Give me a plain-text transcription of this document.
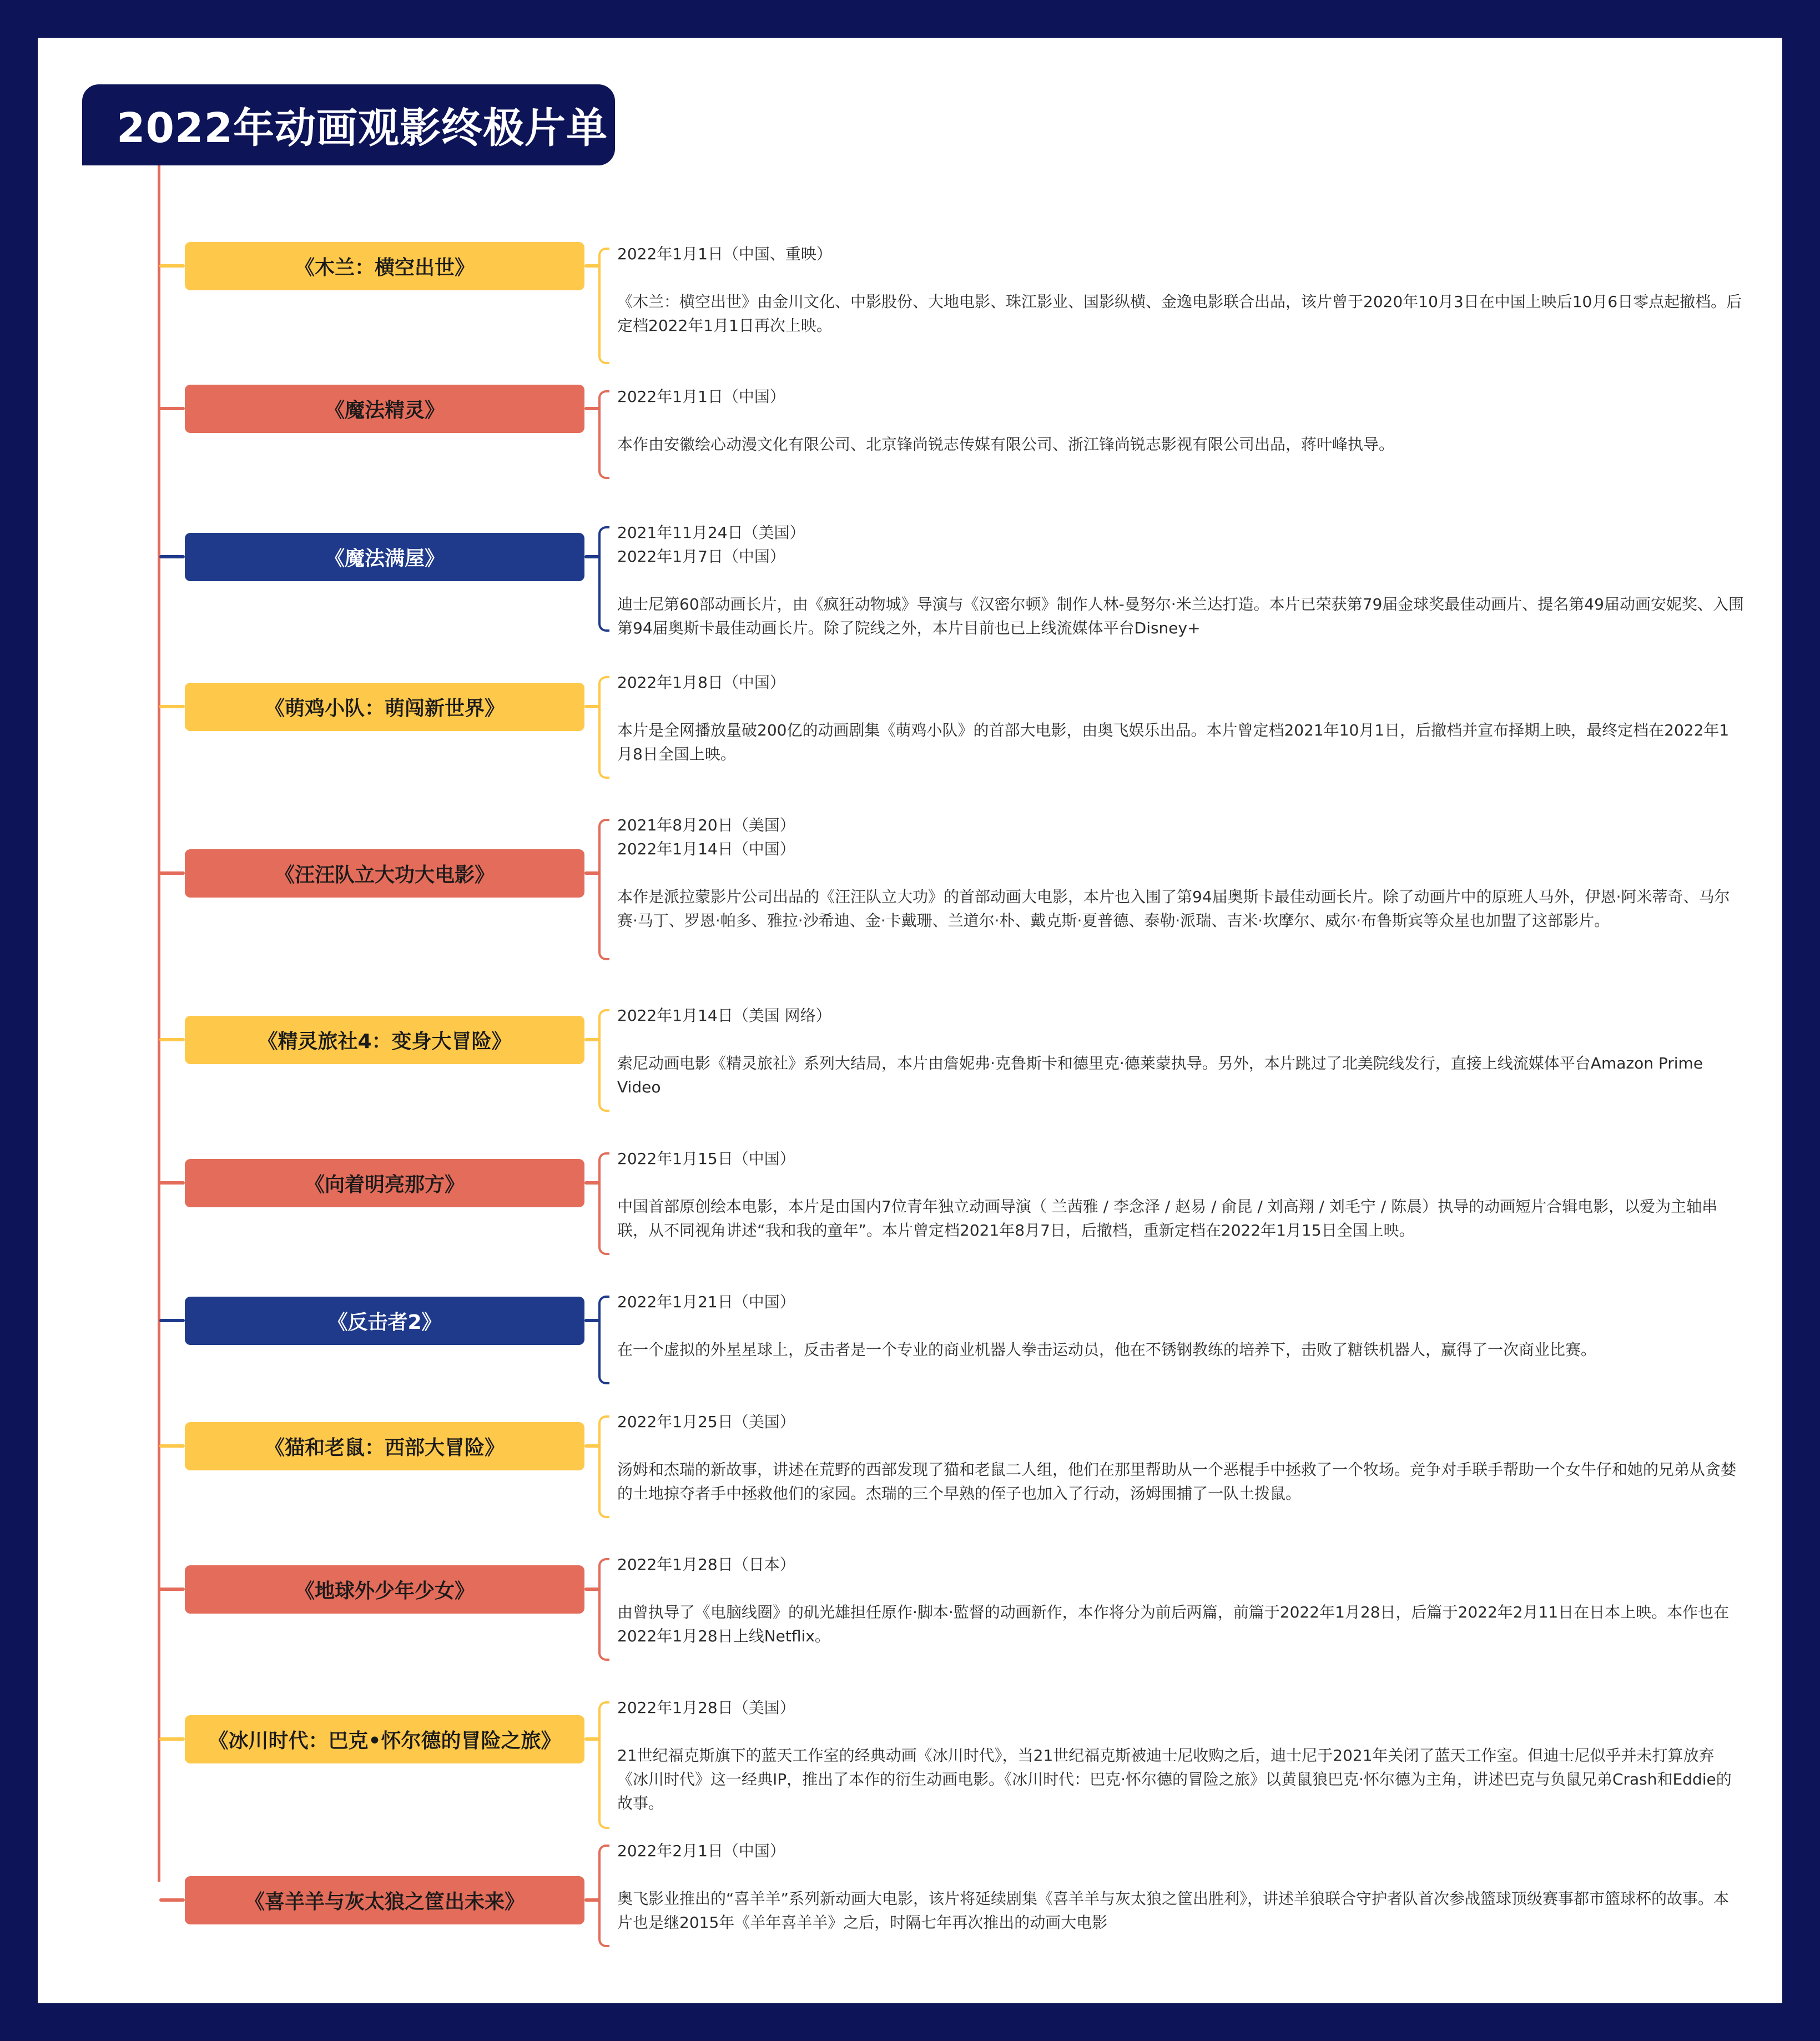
2022年动画观影终极片单
《木兰：横空出世》
2022年1月1日（中国、重映）
《木兰：横空出世》由金川文化、中影股份、大地电影、珠江影业、国影纵横、金逸电影联合出品，该片曾于2020年10月3日在中国上映后10月6日零点起撤档。后定档2022年1月1日再次上映。
《魔法精灵》
2022年1月1日（中国）
本作由安徽绘心动漫文化有限公司、北京锋尚锐志传媒有限公司、浙江锋尚锐志影视有限公司出品，蒋叶峰执导。
《魔法满屋》
2021年11月24日（美国）
2022年1月7日（中国）
迪士尼第60部动画长片，由《疯狂动物城》导演与《汉密尔顿》制作人林-曼努尔·米兰达打造。本片已荣获第79届金球奖最佳动画片、提名第49届动画安妮奖、入围第94届奥斯卡最佳动画长片。除了院线之外，本片目前也已上线流媒体平台Disney+
《萌鸡小队：萌闯新世界》
2022年1月8日（中国）
本片是全网播放量破200亿的动画剧集《萌鸡小队》的首部大电影，由奥飞娱乐出品。本片曾定档2021年10月1日，后撤档并宣布择期上映，最终定档在2022年1月8日全国上映。
《汪汪队立大功大电影》
2021年8月20日（美国）
2022年1月14日（中国）
本作是派拉蒙影片公司出品的《汪汪队立大功》的首部动画大电影，本片也入围了第94届奥斯卡最佳动画长片。除了动画片中的原班人马外，伊恩·阿米蒂奇、马尔赛·马丁、罗恩·帕多、雅拉·沙希迪、金·卡戴珊、兰道尔·朴、戴克斯·夏普德、泰勒·派瑞、吉米·坎摩尔、威尔·布鲁斯宾等众星也加盟了这部影片。
《精灵旅社4：变身大冒险》
2022年1月14日（美国 网络）
索尼动画电影《精灵旅社》系列大结局，本片由詹妮弗·克鲁斯卡和德里克·德莱蒙执导。另外，本片跳过了北美院线发行，直接上线流媒体平台Amazon Prime Video
《向着明亮那方》
2022年1月15日（中国）
中国首部原创绘本电影，本片是由国内7位青年独立动画导演（ 兰茜雅 / 李念泽 / 赵易 / 俞昆 / 刘高翔 / 刘毛宁 / 陈晨）执导的动画短片合辑电影，以爱为主轴串联，从不同视角讲述“我和我的童年”。本片曾定档2021年8月7日，后撤档，重新定档在2022年1月15日全国上映。
《反击者2》
2022年1月21日（中国）
在一个虚拟的外星星球上，反击者是一个专业的商业机器人拳击运动员，他在不锈钢教练的培养下，击败了糖铁机器人，赢得了一次商业比赛。
《猫和老鼠：西部大冒险》
2022年1月25日（美国）
汤姆和杰瑞的新故事，讲述在荒野的西部发现了猫和老鼠二人组，他们在那里帮助从一个恶棍手中拯救了一个牧场。竞争对手联手帮助一个女牛仔和她的兄弟从贪婪的土地掠夺者手中拯救他们的家园。杰瑞的三个早熟的侄子也加入了行动，汤姆围捕了一队土拨鼠。
《地球外少年少女》
2022年1月28日（日本）
由曾执导了《电脑线圈》的矶光雄担任原作·脚本·監督的动画新作，本作将分为前后两篇，前篇于2022年1月28日，后篇于2022年2月11日在日本上映。本作也在2022年1月28日上线Netflix。
《冰川时代：巴克•怀尔德的冒险之旅》
2022年1月28日（美国）
21世纪福克斯旗下的蓝天工作室的经典动画《冰川时代》，当21世纪福克斯被迪士尼收购之后，迪士尼于2021年关闭了蓝天工作室。但迪士尼似乎并未打算放弃《冰川时代》这一经典IP，推出了本作的衍生动画电影。《冰川时代：巴克·怀尔德的冒险之旅》以黄鼠狼巴克·怀尔德为主角，讲述巴克与负鼠兄弟Crash和Eddie的故事。
《喜羊羊与灰太狼之筐出未来》
2022年2月1日（中国）
奥飞影业推出的“喜羊羊”系列新动画大电影，该片将延续剧集《喜羊羊与灰太狼之筐出胜利》，讲述羊狼联合守护者队首次参战篮球顶级赛事都市篮球杯的故事。本片也是继2015年《羊年喜羊羊》之后，时隔七年再次推出的动画大电影
